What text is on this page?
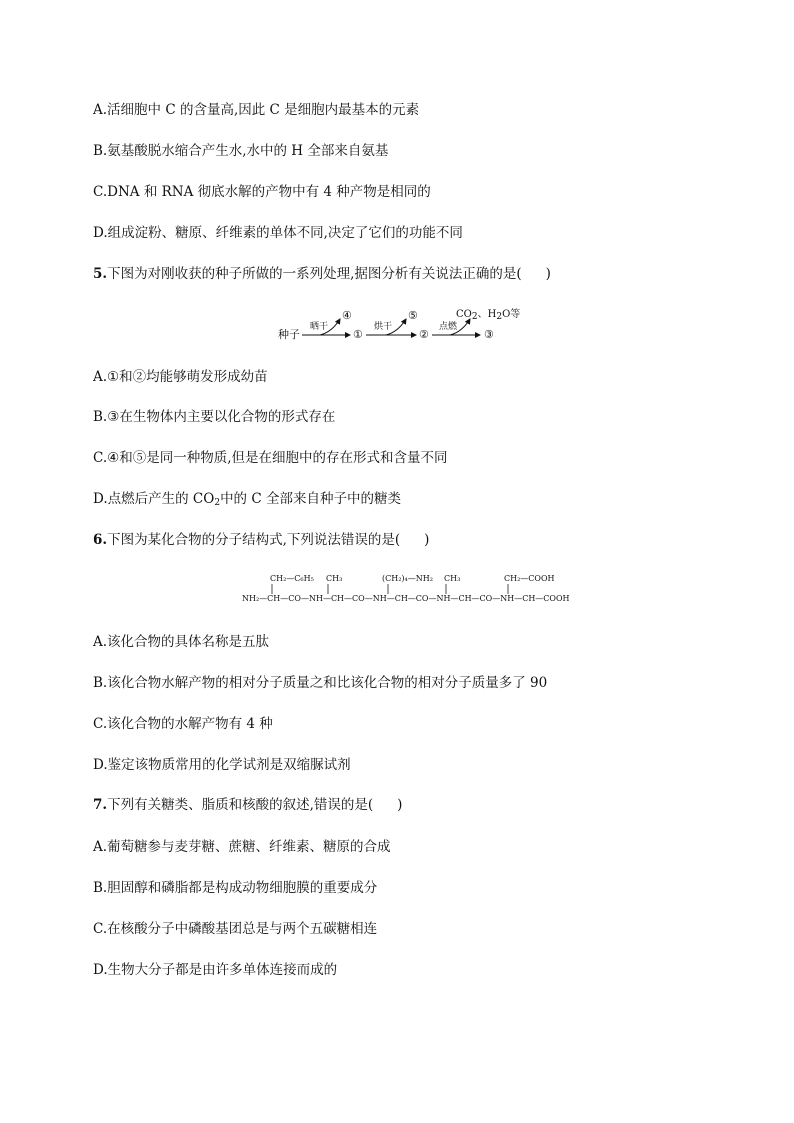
A.活细胞中 C 的含量高,因此 C 是细胞内最基本的元素
B.氨基酸脱水缩合产生水,水中的 H 全部来自氨基
C.DNA 和 RNA 彻底水解的产物中有 4 种产物是相同的
D.组成淀粉、糖原、纤维素的单体不同,决定了它们的功能不同
5.下图为对刚收获的种子所做的一系列处理,据图分析有关说法正确的是( )
种子
晒干
④
①
烘干
⑤
②
点燃
$CO_2$、$H_2O$等
③
A.①和②均能够萌发形成幼苗
B.③在生物体内主要以化合物的形式存在
C.④和⑤是同一种物质,但是在细胞中的存在形式和含量不同
D.点燃后产生的 $CO_2$中的 C 全部来自种子中的糖类
6.下图为某化合物的分子结构式,下列说法错误的是( )
CH₂—C₆H₅ CH₃	(CH₂)₄—NH₂ CH₃	CH₂—COOH
NH₂—CH—CO—NH—CH—CO—NH—CH—CO—NH—CH—CO—NH—CH—COOH
A.该化合物的具体名称是五肽
B.该化合物水解产物的相对分子质量之和比该化合物的相对分子质量多了 90
C.该化合物的水解产物有 4 种
D.鉴定该物质常用的化学试剂是双缩脲试剂
7.下列有关糖类、脂质和核酸的叙述,错误的是( )
A.葡萄糖参与麦芽糖、蔗糖、纤维素、糖原的合成
B.胆固醇和磷脂都是构成动物细胞膜的重要成分
C.在核酸分子中磷酸基团总是与两个五碳糖相连
D.生物大分子都是由许多单体连接而成的
